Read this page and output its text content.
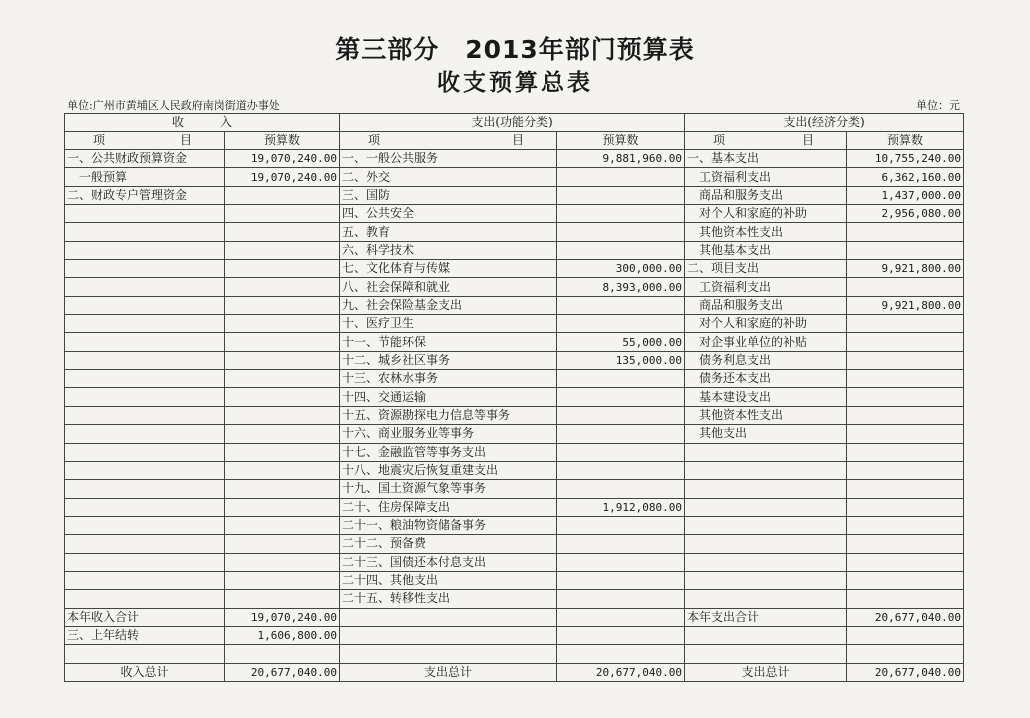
第三部分　2013年部门预算表
收支预算总表
单位:广州市黄埔区人民政府南岗街道办事处	单位：元
收　　　入		支出(功能分类)		支出(经济分类)	

项 目	预算数	项 目	预算数	项 目	预算数
一、公共财政预算资金	19,070,240.00	一、一般公共服务	9,881,960.00	一、基本支出	10,755,240.00
　一般预算	19,070,240.00	二、外交		　工资福利支出	6,362,160.00
二、财政专户管理资金		三、国防		　商品和服务支出	1,437,000.00
		四、公共安全		　对个人和家庭的补助	2,956,080.00
		五、教育		　其他资本性支出	
		六、科学技术		　其他基本支出	
		七、文化体育与传媒	300,000.00	二、项目支出	9,921,800.00
		八、社会保障和就业	8,393,000.00	　工资福利支出	
		九、社会保险基金支出		　商品和服务支出	9,921,800.00
		十、医疗卫生		　对个人和家庭的补助	
		十一、节能环保	55,000.00	　对企事业单位的补贴	
		十二、城乡社区事务	135,000.00	　债务利息支出	
		十三、农林水事务		　债务还本支出	
		十四、交通运输		　基本建设支出	
		十五、资源勘探电力信息等事务		　其他资本性支出	
		十六、商业服务业等事务		　其他支出	
		十七、金融监管等事务支出			
		十八、地震灾后恢复重建支出			
		十九、国土资源气象等事务			
		二十、住房保障支出	1,912,080.00		
		二十一、粮油物资储备事务			
		二十二、预备费			
		二十三、国债还本付息支出			
		二十四、其他支出			
		二十五、转移性支出			
本年收入合计	19,070,240.00			本年支出合计	20,677,040.00
三、上年结转	1,606,800.00				

收入总计	20,677,040.00	支出总计	20,677,040.00	支出总计	20,677,040.00
